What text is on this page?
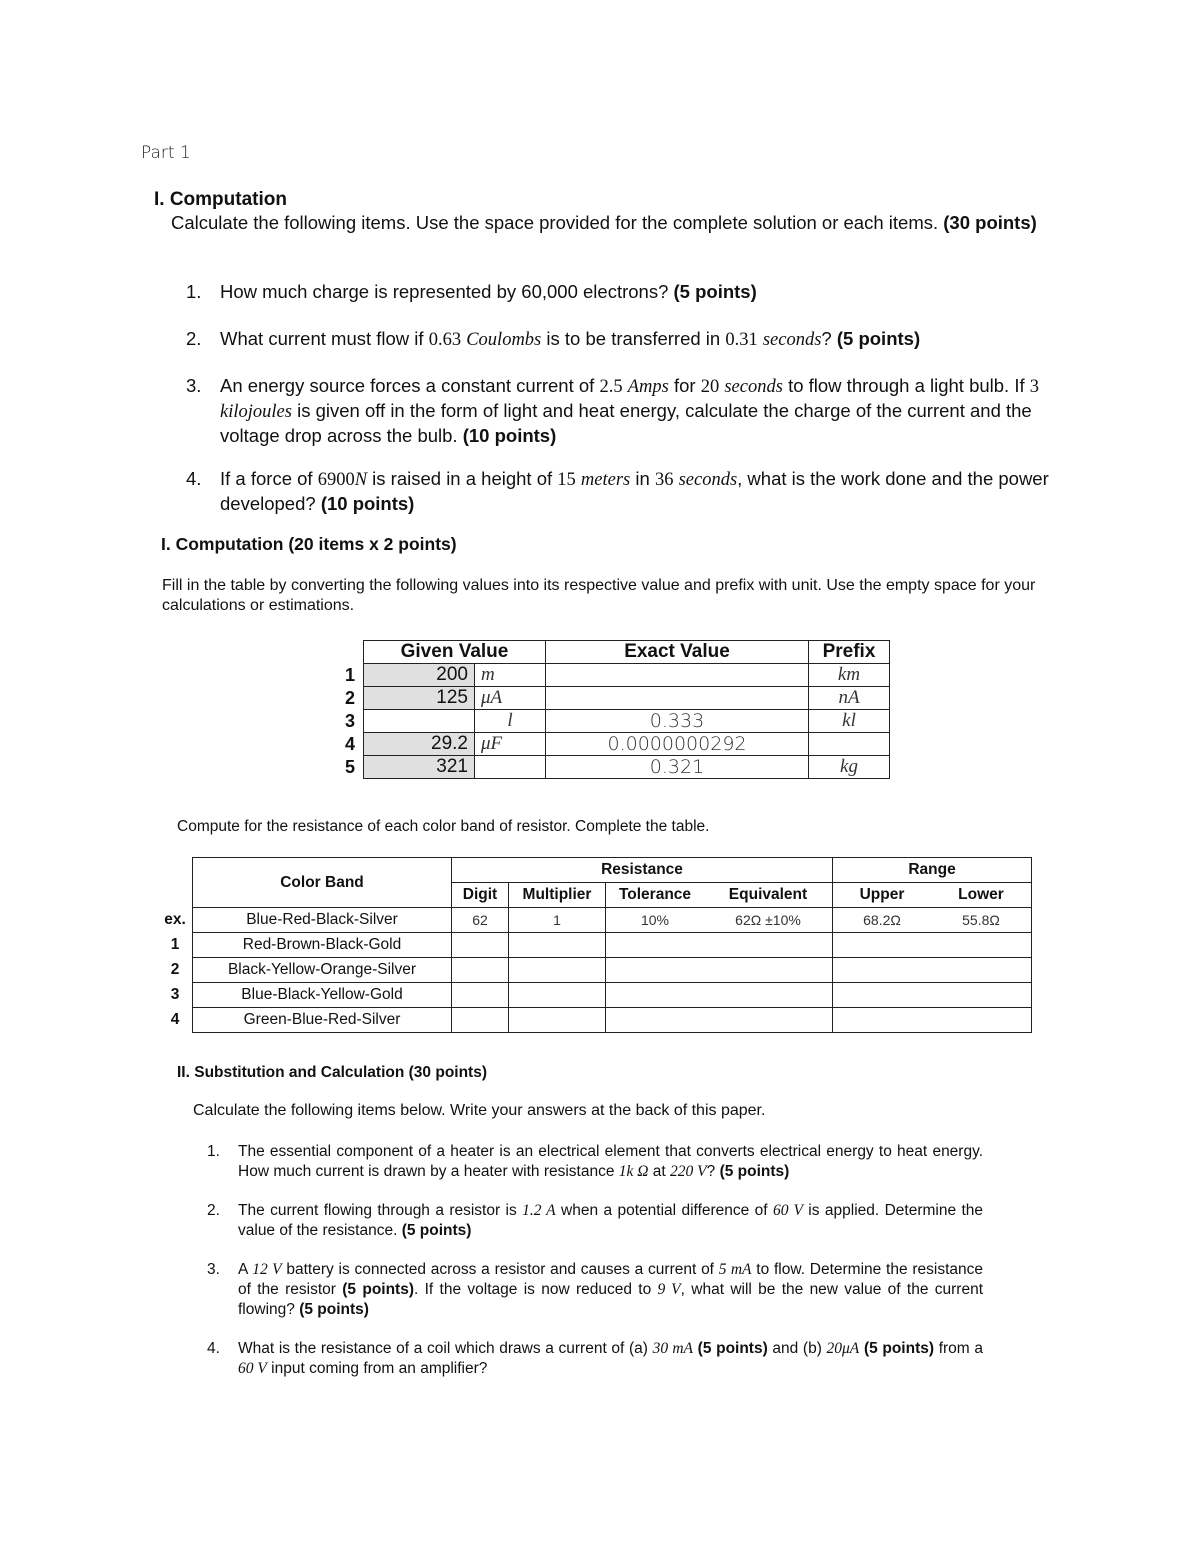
Part 1
I. Computation
Calculate the following items. Use the space provided for the complete solution or each items. (30 points)
1. How much charge is represented by 60,000 electrons? (5 points)
2. What current must flow if 0.63 Coulombs is to be transferred in 0.31 seconds? (5 points)
3. An energy source forces a constant current of 2.5 Amps for 20 seconds to flow through a light bulb. If 3 kilojoules is given off in the form of light and heat energy, calculate the charge of the current and the voltage drop across the bulb. (10 points)
4. If a force of 6900N is raised in a height of 15 meters in 36 seconds, what is the work done and the power developed? (10 points)
I. Computation (20 items x 2 points)
Fill in the table by converting the following values into its respective value and prefix with unit. Use the empty space for your calculations or estimations.
	Given Value		Exact Value	Prefix
1	200	m		km
2	125	μA		nA
3		l	0.333	kl
4	29.2	μF	0.0000000292	
5	321		0.321	kg
Compute for the resistance of each color band of resistor. Complete the table.
	Color Band	Resistance				Range	
		Digit	Multiplier	Tolerance	Equivalent	Upper	Lower
ex.	Blue-Red-Black-Silver	62	1	10%	62Ω ±10%	68.2Ω	55.8Ω
1	Red-Brown-Black-Gold						
2	Black-Yellow-Orange-Silver						
3	Blue-Black-Yellow-Gold						
4	Green-Blue-Red-Silver						
II. Substitution and Calculation (30 points)
Calculate the following items below. Write your answers at the back of this paper.
1. The essential component of a heater is an electrical element that converts electrical energy to heat energy. How much current is drawn by a heater with resistance 1k Ω at 220 V? (5 points)
2. The current flowing through a resistor is 1.2 A when a potential difference of 60 V is applied. Determine the value of the resistance. (5 points)
3. A 12 V battery is connected across a resistor and causes a current of 5 mA to flow. Determine the resistance of the resistor (5 points). If the voltage is now reduced to 9 V, what will be the new value of the current flowing? (5 points)
4. What is the resistance of a coil which draws a current of (a) 30 mA (5 points) and (b) 20μA (5 points) from a 60 V input coming from an amplifier?
